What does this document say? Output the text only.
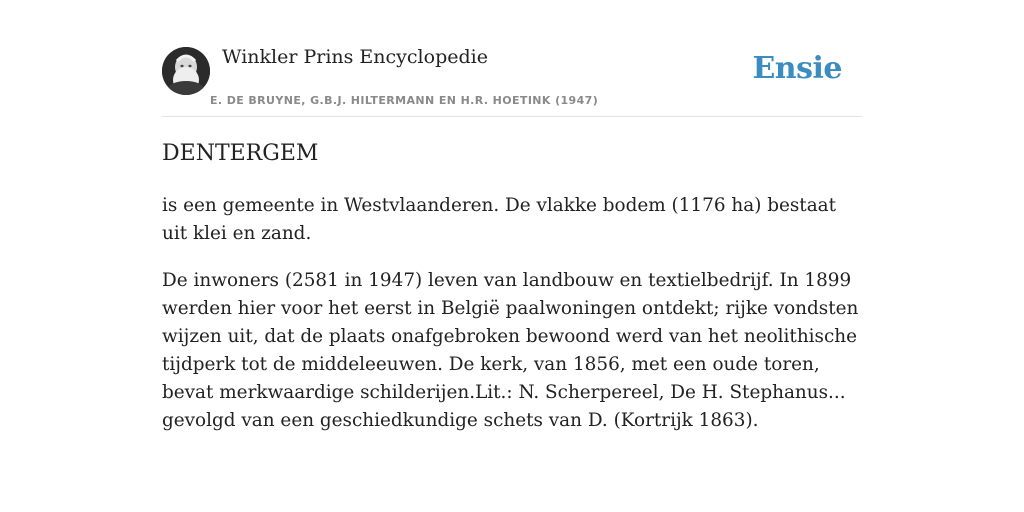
Winkler Prins Encyclopedie
E. DE BRUYNE, G.B.J. HILTERMANN EN H.R. HOETINK (1947)
Ensie
DENTERGEM

is een gemeente in Westvlaanderen. De vlakke bodem (1176 ha) bestaat uit klei en zand.

De inwoners (2581 in 1947) leven van landbouw en textielbedrijf. In 1899 werden hier voor het eerst in België paalwoningen ontdekt; rijke vondsten wijzen uit, dat de plaats onafgebroken bewoond werd van het neolithische tijdperk tot de middeleeuwen. De kerk, van 1856, met een oude toren, bevat merkwaardige schilderijen.Lit.: N. Scherpereel, De H. Stephanus... gevolgd van een geschiedkundige schets van D. (Kortrijk 1863).
